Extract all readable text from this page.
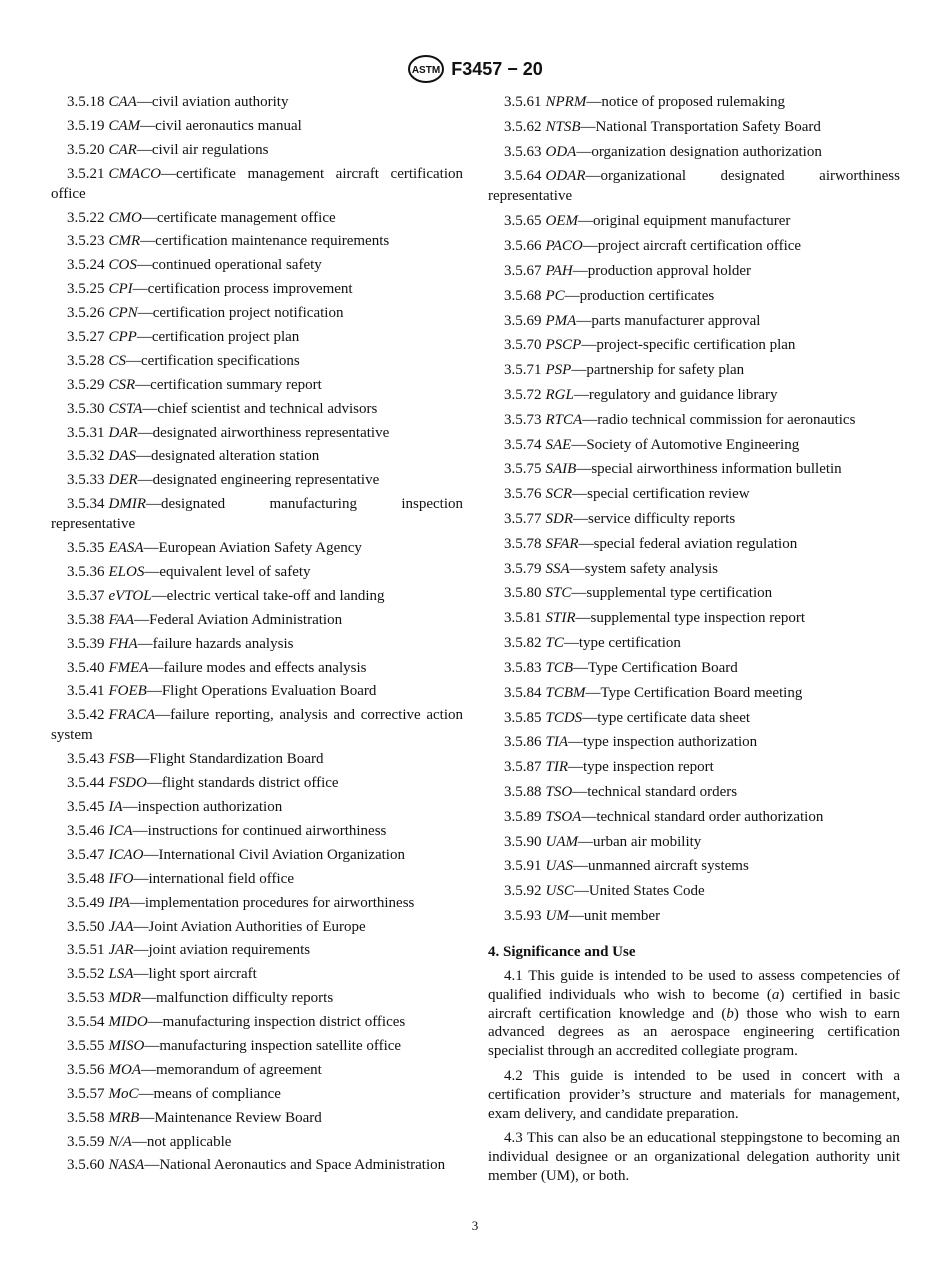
ASTM F3457 − 20

3.5.18 CAA—civil aviation authority

3.5.19 CAM—civil aeronautics manual

3.5.20 CAR—civil air regulations

3.5.21 CMACO—certificate management aircraft certification office

3.5.22 CMO—certificate management office

3.5.23 CMR—certification maintenance requirements

3.5.24 COS—continued operational safety

3.5.25 CPI—certification process improvement

3.5.26 CPN—certification project notification

3.5.27 CPP—certification project plan

3.5.28 CS—certification specifications

3.5.29 CSR—certification summary report

3.5.30 CSTA—chief scientist and technical advisors

3.5.31 DAR—designated airworthiness representative

3.5.32 DAS—designated alteration station

3.5.33 DER—designated engineering representative

3.5.34 DMIR—designated manufacturing inspection representative

3.5.35 EASA—European Aviation Safety Agency

3.5.36 ELOS—equivalent level of safety

3.5.37 eVTOL—electric vertical take-off and landing

3.5.38 FAA—Federal Aviation Administration

3.5.39 FHA—failure hazards analysis

3.5.40 FMEA—failure modes and effects analysis

3.5.41 FOEB—Flight Operations Evaluation Board

3.5.42 FRACA—failure reporting, analysis and corrective action system

3.5.43 FSB—Flight Standardization Board

3.5.44 FSDO—flight standards district office

3.5.45 IA—inspection authorization

3.5.46 ICA—instructions for continued airworthiness

3.5.47 ICAO—International Civil Aviation Organization

3.5.48 IFO—international field office

3.5.49 IPA—implementation procedures for airworthiness

3.5.50 JAA—Joint Aviation Authorities of Europe

3.5.51 JAR—joint aviation requirements

3.5.52 LSA—light sport aircraft

3.5.53 MDR—malfunction difficulty reports

3.5.54 MIDO—manufacturing inspection district offices

3.5.55 MISO—manufacturing inspection satellite office

3.5.56 MOA—memorandum of agreement

3.5.57 MoC—means of compliance

3.5.58 MRB—Maintenance Review Board

3.5.59 N/A—not applicable

3.5.60 NASA—National Aeronautics and Space Administration

3.5.61 NPRM—notice of proposed rulemaking

3.5.62 NTSB—National Transportation Safety Board

3.5.63 ODA—organization designation authorization

3.5.64 ODAR—organizational designated airworthiness representative

3.5.65 OEM—original equipment manufacturer

3.5.66 PACO—project aircraft certification office

3.5.67 PAH—production approval holder

3.5.68 PC—production certificates

3.5.69 PMA—parts manufacturer approval

3.5.70 PSCP—project-specific certification plan

3.5.71 PSP—partnership for safety plan

3.5.72 RGL—regulatory and guidance library

3.5.73 RTCA—radio technical commission for aeronautics

3.5.74 SAE—Society of Automotive Engineering

3.5.75 SAIB—special airworthiness information bulletin

3.5.76 SCR—special certification review

3.5.77 SDR—service difficulty reports

3.5.78 SFAR—special federal aviation regulation

3.5.79 SSA—system safety analysis

3.5.80 STC—supplemental type certification

3.5.81 STIR—supplemental type inspection report

3.5.82 TC—type certification

3.5.83 TCB—Type Certification Board

3.5.84 TCBM—Type Certification Board meeting

3.5.85 TCDS—type certificate data sheet

3.5.86 TIA—type inspection authorization

3.5.87 TIR—type inspection report

3.5.88 TSO—technical standard orders

3.5.89 TSOA—technical standard order authorization

3.5.90 UAM—urban air mobility

3.5.91 UAS—unmanned aircraft systems

3.5.92 USC—United States Code

3.5.93 UM—unit member

4. Significance and Use

4.1 This guide is intended to be used to assess competencies of qualified individuals who wish to become (a) certified in basic aircraft certification knowledge and (b) those who wish to earn advanced degrees as an aerospace engineering certification specialist through an accredited collegiate program.

4.2 This guide is intended to be used in concert with a certification provider’s structure and materials for management, exam delivery, and candidate preparation.

4.3 This can also be an educational steppingstone to becoming an individual designee or an organizational delegation authority unit member (UM), or both.

3
